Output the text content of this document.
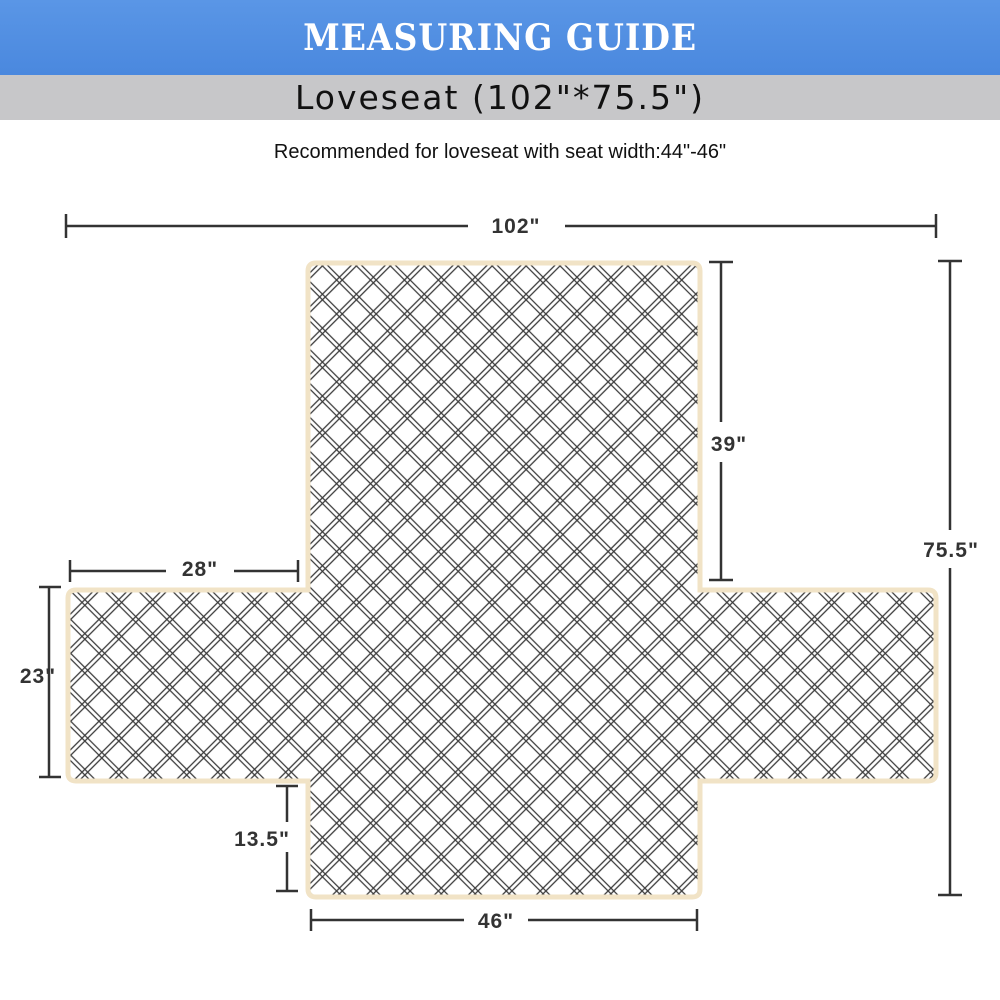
MEASURING GUIDE
Loveseat (102"*75.5")
Recommended for loveseat with seat width:44"-46"
102"
75.5"
39"
28"
23"
13.5"
46"
